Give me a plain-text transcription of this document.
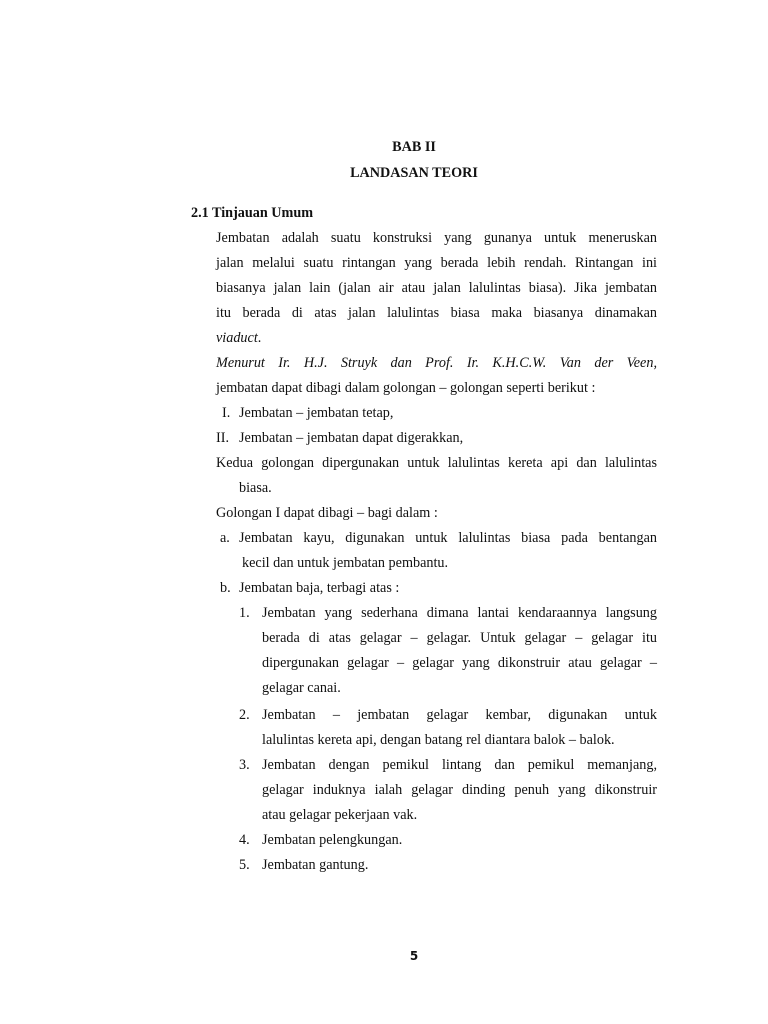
BAB II
LANDASAN TEORI
2.1 Tinjauan Umum
Jembatan adalah suatu konstruksi yang gunanya untuk meneruskan
jalan melalui suatu rintangan yang berada lebih rendah. Rintangan ini
biasanya jalan lain (jalan air atau jalan lalulintas biasa). Jika jembatan
itu berada di atas jalan lalulintas biasa maka biasanya dinamakan
viaduct.
Menurut Ir. H.J. Struyk dan Prof. Ir. K.H.C.W. Van der Veen,
jembatan dapat dibagi dalam golongan – golongan seperti berikut :
I. Jembatan – jembatan tetap,
II. Jembatan – jembatan dapat digerakkan,
Kedua golongan dipergunakan untuk lalulintas kereta api dan lalulintas
biasa.
Golongan I dapat dibagi – bagi dalam :
a. Jembatan kayu, digunakan untuk lalulintas biasa pada bentangan
kecil dan untuk jembatan pembantu.
b. Jembatan baja, terbagi atas :
1. Jembatan yang sederhana dimana lantai kendaraannya langsung
berada di atas gelagar – gelagar. Untuk gelagar – gelagar itu
dipergunakan gelagar – gelagar yang dikonstruir atau gelagar –
gelagar canai.
2. Jembatan – jembatan gelagar kembar, digunakan untuk
lalulintas kereta api, dengan batang rel diantara balok – balok.
3. Jembatan dengan pemikul lintang dan pemikul memanjang,
gelagar induknya ialah gelagar dinding penuh yang dikonstruir
atau gelagar pekerjaan vak.
4. Jembatan pelengkungan.
5. Jembatan gantung.
5
